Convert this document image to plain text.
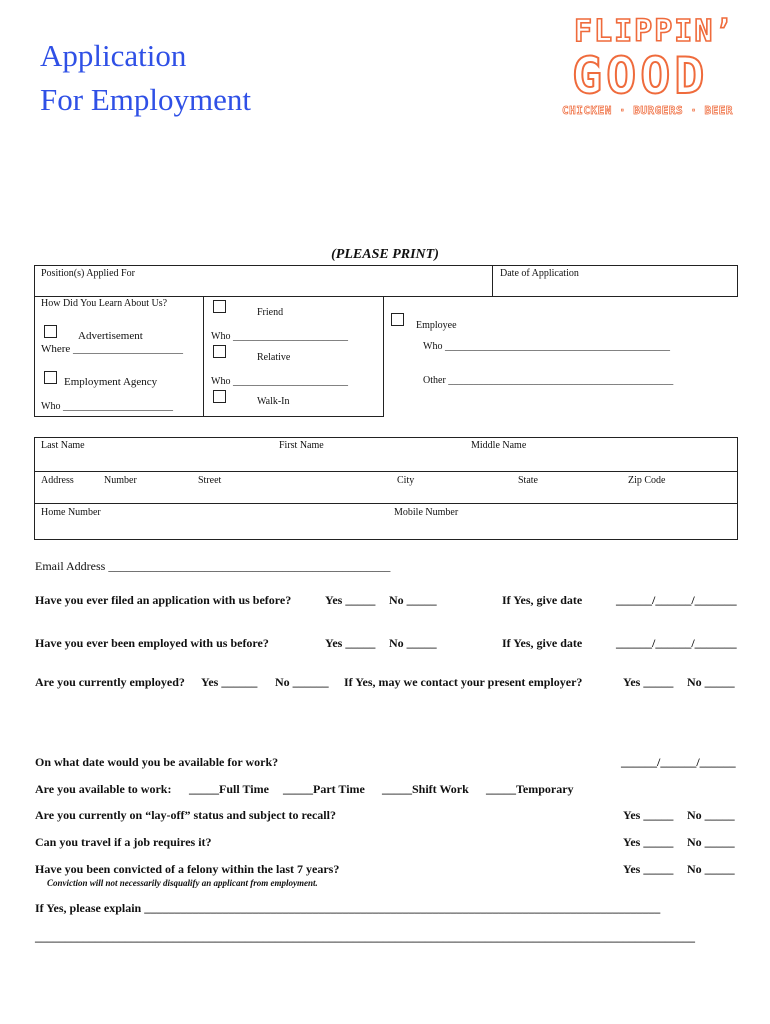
Application
For Employment
FLIPPIN’
GOOD
CHICKEN · BURGERS · BEER
(PLEASE PRINT)
Position(s) Applied For	Date of Application
How Did You Learn About Us?
Advertisement
Where ____________________
Employment Agency
Who ______________________
Friend
Who _______________________
Relative
Who _______________________
Walk-In
Employee
Who _____________________________________________
Other _____________________________________________
Last Name	First Name	Middle Name
Address	Number	Street	City	State	Zip Code
Home Number	Mobile Number
Email Address _______________________________________________
Have you ever filed an application with us before?	Yes _____ No _____	If Yes, give date	______/______/_______
Have you ever been employed with us before?	Yes _____ No _____	If Yes, give date	______/______/_______
Are you currently employed? Yes ______ No ______ If Yes, may we contact your present employer?	Yes _____ No _____
On what date would you be available for work?	______/______/______
Are you available to work: _____Full Time _____Part Time _____Shift Work _____Temporary
Are you currently on “lay-off” status and subject to recall?	Yes _____ No _____
Can you travel if a job requires it?	Yes _____ No _____
Have you been convicted of a felony within the last 7 years?	Yes _____ No _____
Conviction will not necessarily disqualify an applicant from employment.
If Yes, please explain ______________________________________________________________________________________
______________________________________________________________________________________________________________
